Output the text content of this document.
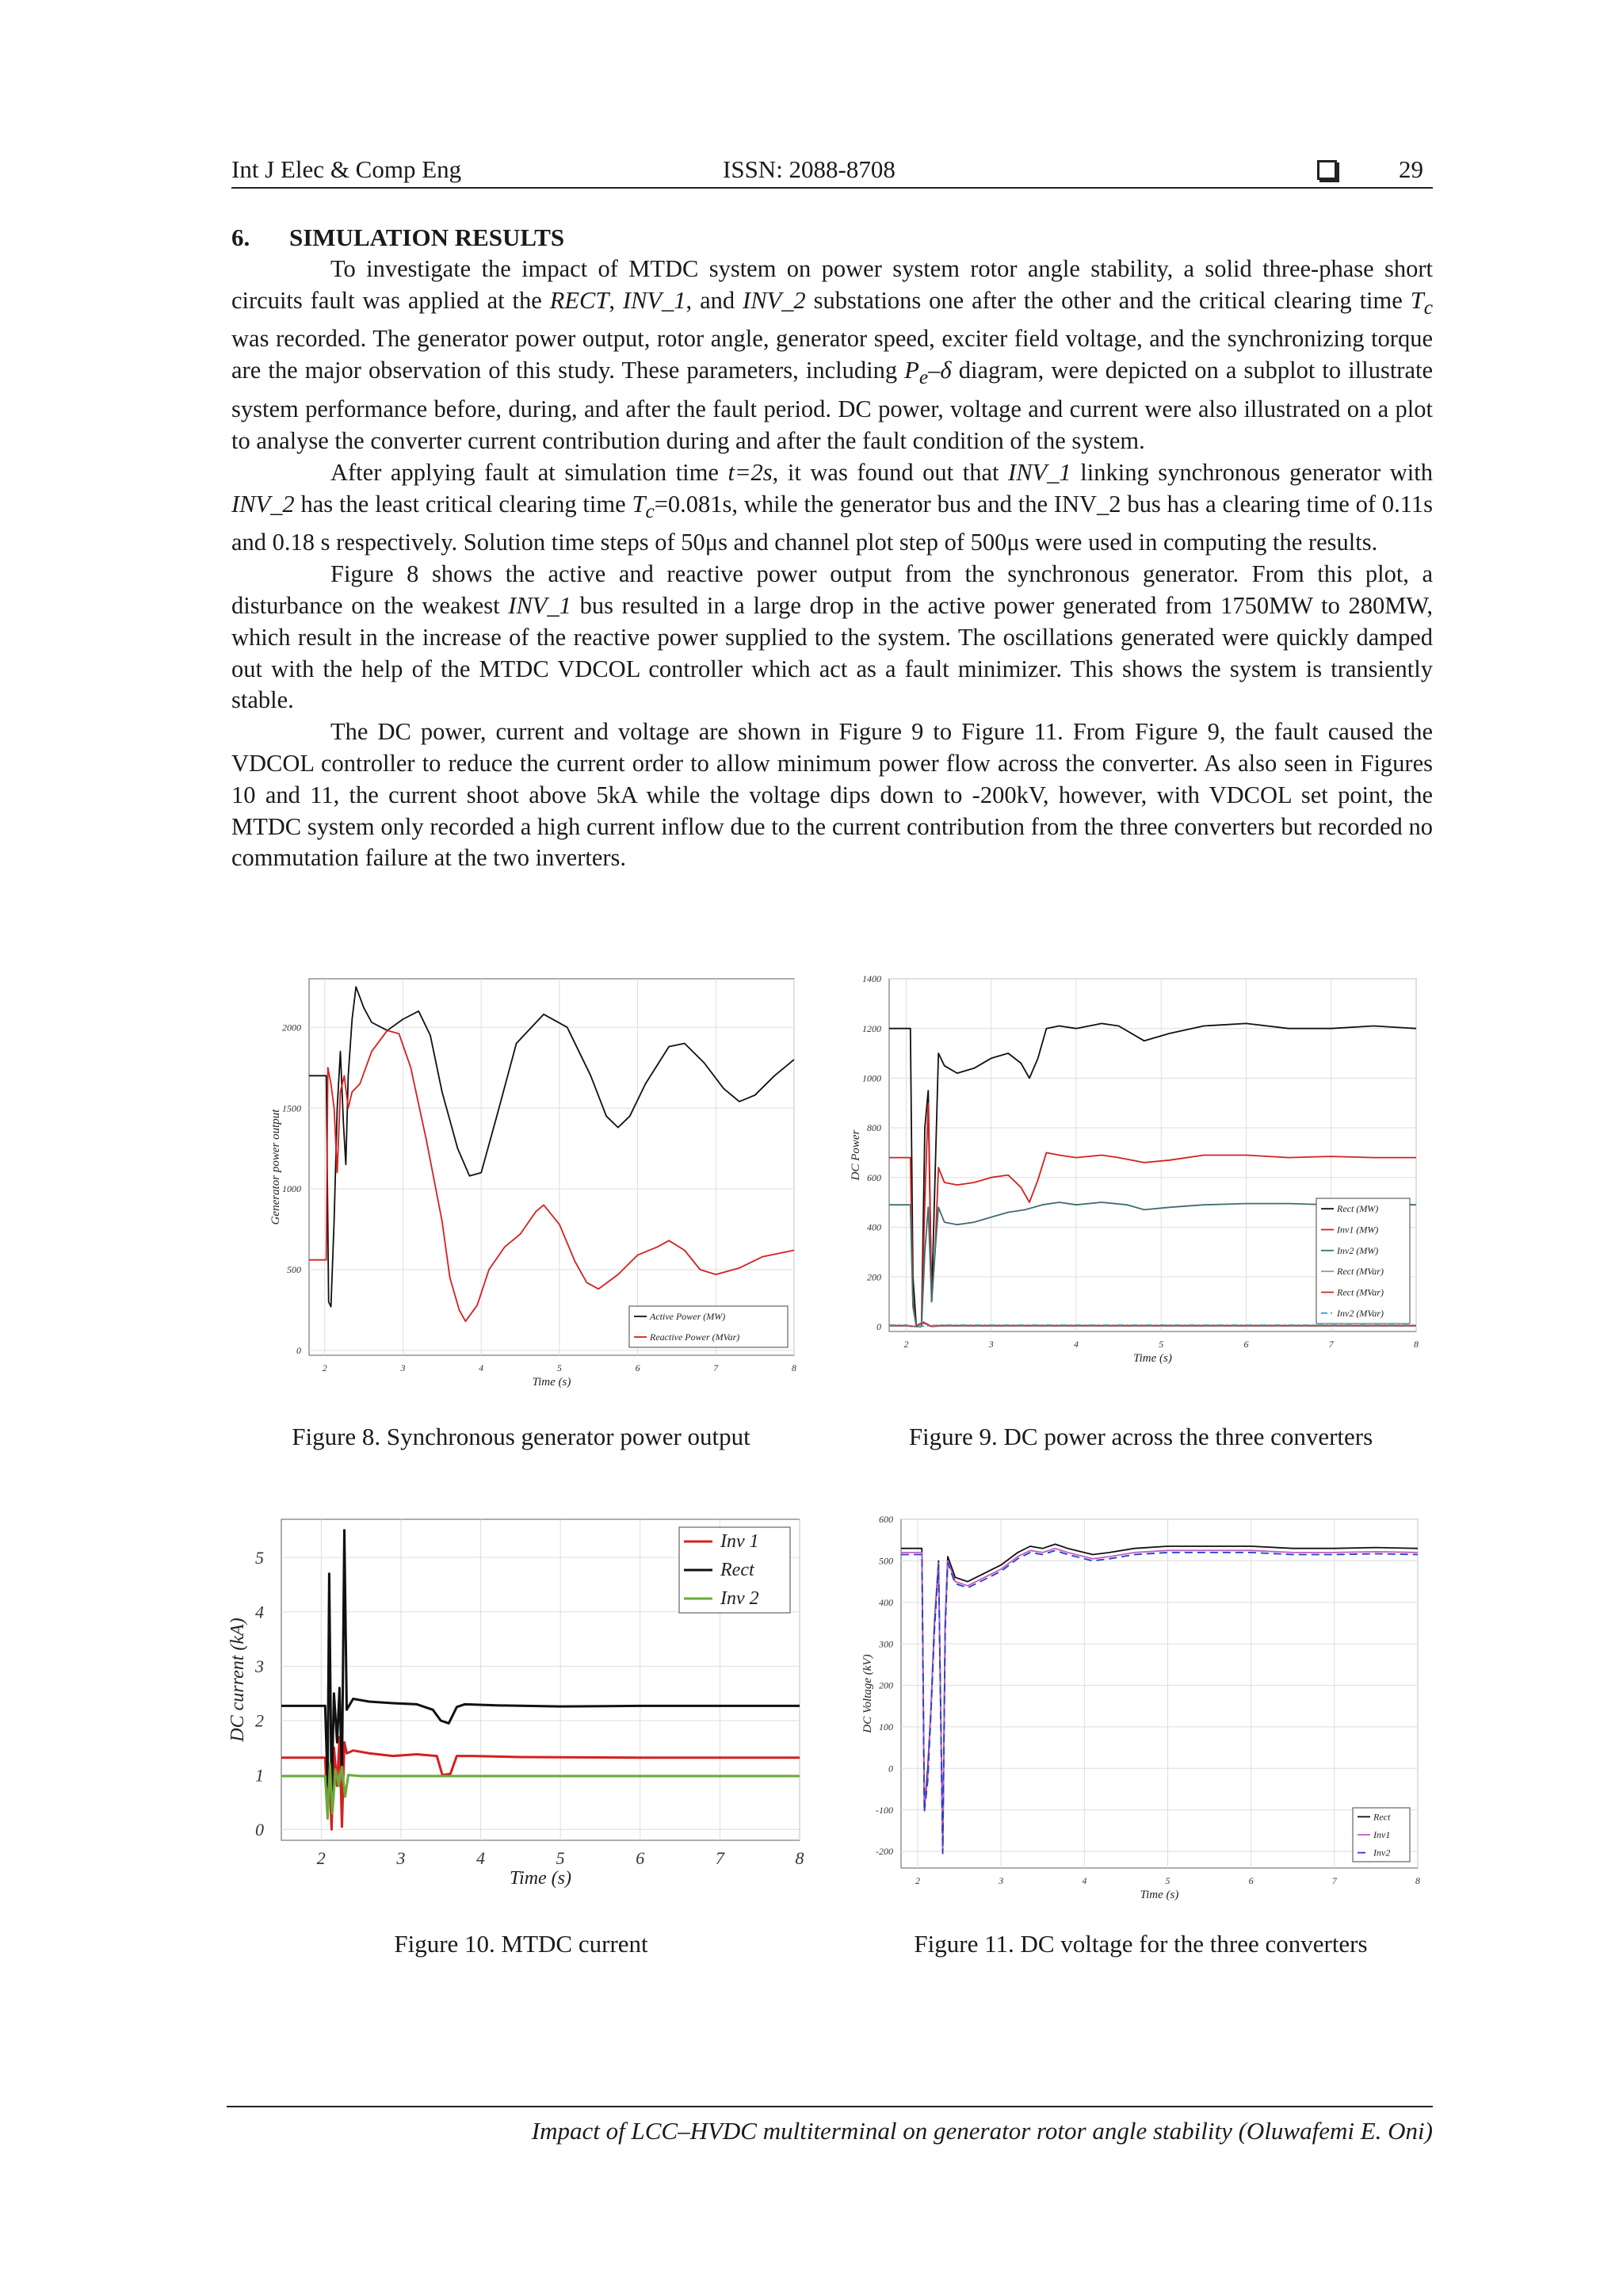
Int J Elec & Comp Eng	ISSN: 2088-8708	29
6. SIMULATION RESULTS

To investigate the impact of MTDC system on power system rotor angle stability, a solid three-phase short circuits fault was applied at the RECT, INV_1, and INV_2 substations one after the other and the critical clearing time $T_c$ was recorded. The generator power output, rotor angle, generator speed, exciter field voltage, and the synchronizing torque are the major observation of this study. These parameters, including $P_e-\delta$ diagram, were depicted on a subplot to illustrate system performance before, during, and after the fault period. DC power, voltage and current were also illustrated on a plot to analyse the converter current contribution during and after the fault condition of the system.

After applying fault at simulation time t=2s, it was found out that INV_1 linking synchronous generator with INV_2 has the least critical clearing time $T_c=0.081s$, while the generator bus and the INV_2 bus has a clearing time of 0.11s and 0.18 s respectively. Solution time steps of 50μs and channel plot step of 500μs were used in computing the results.

Figure 8 shows the active and reactive power output from the synchronous generator. From this plot, a disturbance on the weakest INV_1 bus resulted in a large drop in the active power generated from 1750MW to 280MW, which result in the increase of the reactive power supplied to the system. The oscillations generated were quickly damped out with the help of the MTDC VDCOL controller which act as a fault minimizer. This shows the system is transiently stable.

The DC power, current and voltage are shown in Figure 9 to Figure 11. From Figure 9, the fault caused the VDCOL controller to reduce the current order to allow minimum power flow across the converter. As also seen in Figures 10 and 11, the current shoot above 5kA while the voltage dips down to -200kV, however, with VDCOL set point, the MTDC system only recorded a high current inflow due to the current contribution from the three converters but recorded no commutation failure at the two inverters.

2	3	4	5	6	7	8
0
500
1000
1500
2000
Time (s)
Generator power output
Active Power (MW)
Reactive Power (MVar)
Figure 8. Synchronous generator power output
2	3	4	5	6	7	8
0
200
400
600
800
1000
1200
1400
Time (s)
DC Power
Rect (MW)
Inv1 (MW)
Inv2 (MW)
Rect (MVar)
Rect (MVar)
Inv2 (MVar)
Figure 9. DC power across the three converters
2	3	4	5	6	7	8
0
1
2
3
4
5
Time (s)
DC current (kA)
Inv 1
Rect
Inv 2
Figure 10. MTDC current
2	3	4	5	6	7	8
-200
-100
0
100
200
300
400
500
600
Time (s)
DC Voltage (kV)
Rect
Inv1
Inv2
Figure 11. DC voltage for the three converters
Impact of LCC–HVDC multiterminal on generator rotor angle stability (Oluwafemi E. Oni)
